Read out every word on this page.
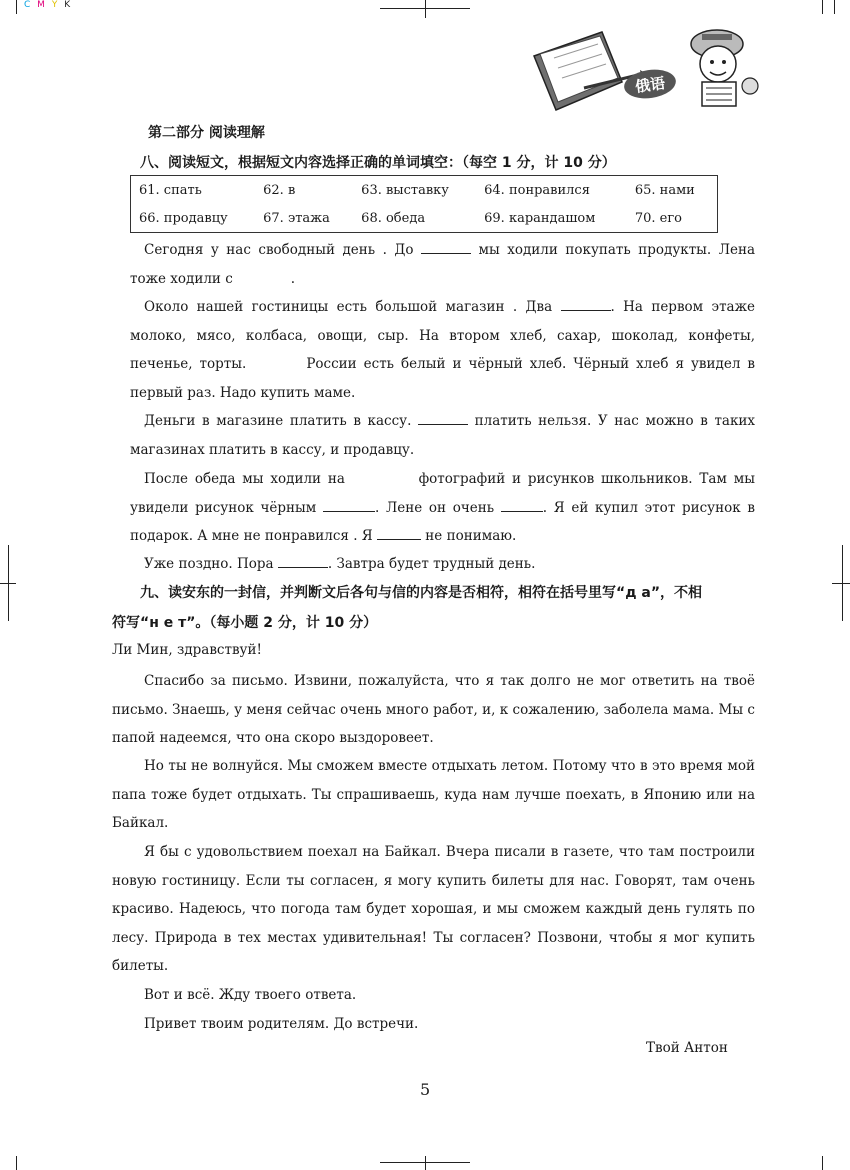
C M Y K
俄语
第二部分 阅读理解
八、阅读短文，根据短文内容选择正确的单词填空：（每空 1 分，计 10 分）
61. спать	62. в	63. выставку	64. понравился	65. нами
66. продавцу	67. этажа	68. обеда	69. карандашом	70. его

Сегодня у нас свободный день . До	мы ходили покупать продукты. Лена тоже ходили с	.

Около нашей гостиницы есть большой магазин . Два	. На первом этаже молоко, мясо, колбаса, овощи, сыр. На втором хлеб, сахар, шоколад, конфеты, печенье, торты.	России есть белый и чёрный хлеб. Чёрный хлеб я увидел в первый раз. Надо купить маме.

Деньги в магазине платить в кассу.	платить нельзя. У нас можно в таких магазинах платить в кассу, и продавцу.

После обеда мы ходили на	фотографий и рисунков школьников. Там мы увидели рисунок чёрным	. Лене он очень	. Я ей купил этот рисунок в подарок. А мне не понравился . Я	не понимаю.

Уже поздно. Пора	. Завтра будет трудный день.

九、读安东的一封信，并判断文后各句与信的内容是否相符，相符在括号里写“д а”，不相
符写“н е т”。（每小题 2 分，计 10 分）

Ли Мин, здравствуй!

Спасибо за письмо. Извини, пожалуйста, что я так долго не мог ответить на твоё письмо. Знаешь, у меня сейчас очень много работ, и, к сожалению, заболела мама. Мы с папой надеемся, что она скоро выздоровеет.

Но ты не волнуйся. Мы сможем вместе отдыхать летом. Потому что в это время мой папа тоже будет отдыхать. Ты спрашиваешь, куда нам лучше поехать, в Японию или на Байкал.

Я бы с удовольствием поехал на Байкал. Вчера писали в газете, что там построили новую гостиницу. Если ты согласен, я могу купить билеты для нас. Говорят, там очень красиво. Надеюсь, что погода там будет хорошая, и мы сможем каждый день гулять по лесу. Природа в тех местах удивительная! Ты согласен? Позвони, чтобы я мог купить билеты.

Вот и всё. Жду твоего ответа.

Привет твоим родителям. До встречи.

Твой Антон
5
